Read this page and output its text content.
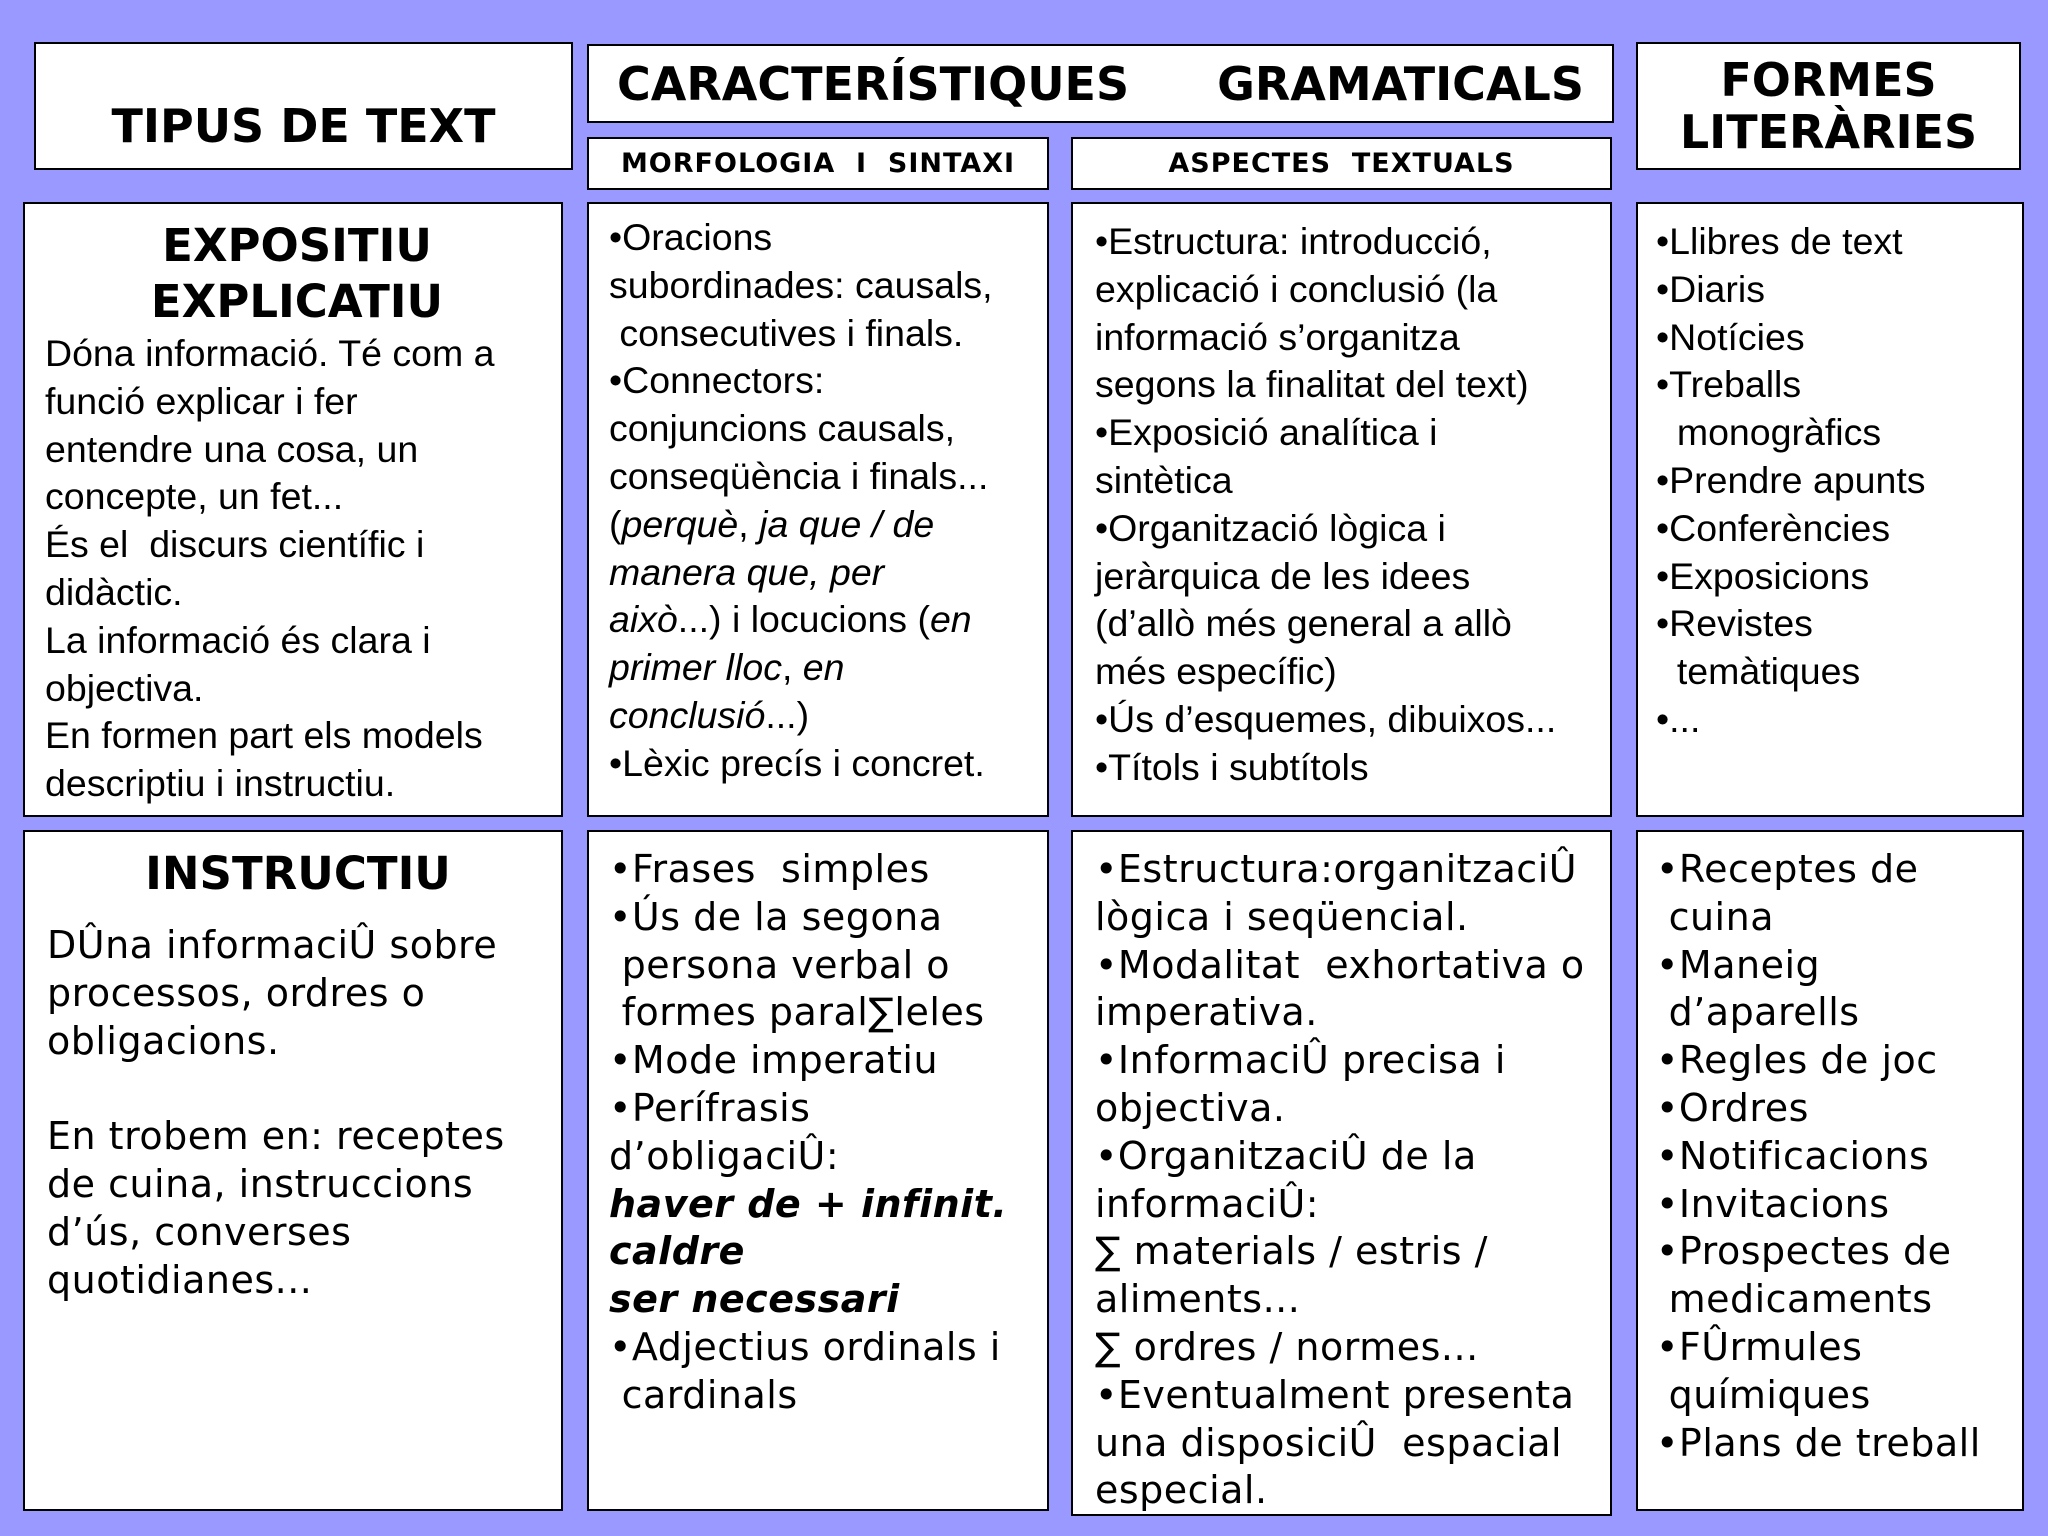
TIPUS DE TEXT
CARACTERÍSTIQUES GRAMATICALS	FORMES
LITERÀRIES
MORFOLOGIA  I  SINTAXI	ASPECTES  TEXTUALS
EXPOSITIU
EXPLICATIU
Dóna informació. Té com a
funció explicar i fer
entendre una cosa, un
concepte, un fet...
És el  discurs científic i
didàctic.
La informació és clara i
objectiva.
En formen part els models
descriptiu i instructiu.
•Oracions
subordinades: causals,
consecutives i finals.
•Connectors:
conjuncions causals,
conseqüència i finals...
(perquè, ja que / de
manera que, per
això...) i locucions (en
primer lloc, en
conclusió...)
•Lèxic precís i concret.
•Estructura: introducció,
explicació i conclusió (la
informació s’organitza
segons la finalitat del text)
•Exposició analítica i
sintètica
•Organització lògica i
jeràrquica de les idees
(d’allò més general a allò
més específic)
•Ús d’esquemes, dibuixos...
•Títols i subtítols
•Llibres de text
•Diaris
•Notícies
•Treballs
monogràfics
•Prendre apunts
•Conferències
•Exposicions
•Revistes
temàtiques
•...
INSTRUCTIU
DÛna informaciÛ sobre
processos, ordres o
obligacions.
En trobem en: receptes
de cuina, instruccions
d’ús, converses
quotidianes...
•Frases  simples
•Ús de la segona
persona verbal o
formes paral∑leles
•Mode imperatiu
•Perífrasis
d’obligaciÛ:
haver de + infinit.
caldre
ser necessari
•Adjectius ordinals i
cardinals
•Estructura:organitzaciÛ
lògica i seqüencial.
•Modalitat  exhortativa o
imperativa.
•InformaciÛ precisa i
objectiva.
•OrganitzaciÛ de la
informaciÛ:
∑ materials / estris /
aliments...
∑ ordres / normes...
•Eventualment presenta
una disposiciÛ  espacial
especial.
•Receptes de
cuina
•Maneig
d’aparells
•Regles de joc
•Ordres
•Notificacions
•Invitacions
•Prospectes de
medicaments
•FÛrmules
químiques
•Plans de treball
